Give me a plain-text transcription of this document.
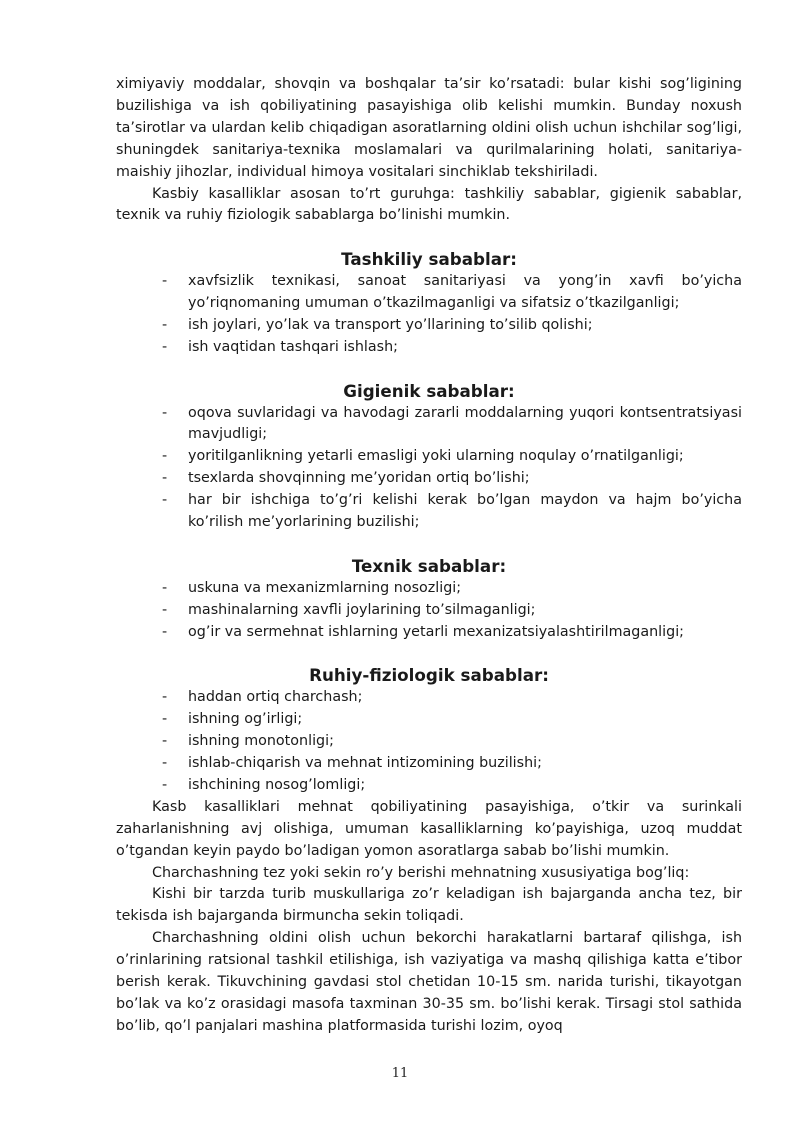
ximiyaviy moddalar, shovqin va boshqalar ta’sir ko’rsatadi: bular kishi sog’ligining buzilishiga va ish qobiliyatining pasayishiga olib kelishi mumkin. Bunday noxush ta’sirotlar va ulardan kelib chiqadigan asoratlarning oldini olish uchun ishchilar sog’ligi, shuningdek sanitariya-texnika moslamalari va qurilmalarining holati, sanitariya-maishiy jihozlar, individual himoya vositalari sinchiklab tekshiriladi.

Kasbiy kasalliklar asosan to’rt guruhga: tashkiliy sabablar, gigienik sabablar, texnik va ruhiy fiziologik sabablarga bo’linishi mumkin.

Tashkiliy sabablar:
- xavfsizlik texnikasi, sanoat sanitariyasi va yong’in xavfi bo’yicha yo’riqnomaning umuman o’tkazilmaganligi va sifatsiz o’tkazilganligi;
- ish joylari, yo’lak va transport yo’llarining to’silib qolishi;
- ish vaqtidan tashqari ishlash;
Gigienik sabablar:
- oqova suvlaridagi va havodagi zararli moddalarning yuqori kontsentratsiyasi mavjudligi;
- yoritilganlikning yetarli emasligi yoki ularning noqulay o’rnatilganligi;
- tsexlarda shovqinning me’yoridan ortiq bo’lishi;
- har bir ishchiga to’g’ri kelishi kerak bo’lgan maydon va hajm bo’yicha ko’rilish me’yorlarining buzilishi;
Texnik sabablar:
- uskuna va mexanizmlarning nosozligi;
- mashinalarning xavfli joylarining to’silmaganligi;
- og’ir va sermehnat ishlarning yetarli mexanizatsiyalashtirilmaganligi;
Ruhiy-fiziologik sabablar:
- haddan ortiq charchash;
- ishning og’irligi;
- ishning monotonligi;
- ishlab-chiqarish va mehnat intizomining buzilishi;
- ishchining nosog’lomligi;

Kasb kasalliklari mehnat qobiliyatining pasayishiga, o’tkir va surinkali zaharlanishning avj olishiga, umuman kasalliklarning ko’payishiga, uzoq muddat o’tgandan keyin paydo bo’ladigan yomon asoratlarga sabab bo’lishi mumkin.

Charchashning tez yoki sekin ro’y berishi mehnatning xususiyatiga bog’liq:

Kishi bir tarzda turib muskullariga zo’r keladigan ish bajarganda ancha tez, bir tekisda ish bajarganda birmuncha sekin toliqadi.

Charchashning oldini olish uchun bekorchi harakatlarni bartaraf qilishga, ish o’rinlarining ratsional tashkil etilishiga, ish vaziyatiga va mashq qilishiga katta e’tibor berish kerak. Tikuvchining gavdasi stol chetidan 10-15 sm. narida turishi, tikayotgan bo’lak va ko’z orasidagi masofa taxminan 30-35 sm. bo’lishi kerak. Tirsagi stol sathida bo’lib, qo’l panjalari mashina platformasida turishi lozim, oyoq

11
